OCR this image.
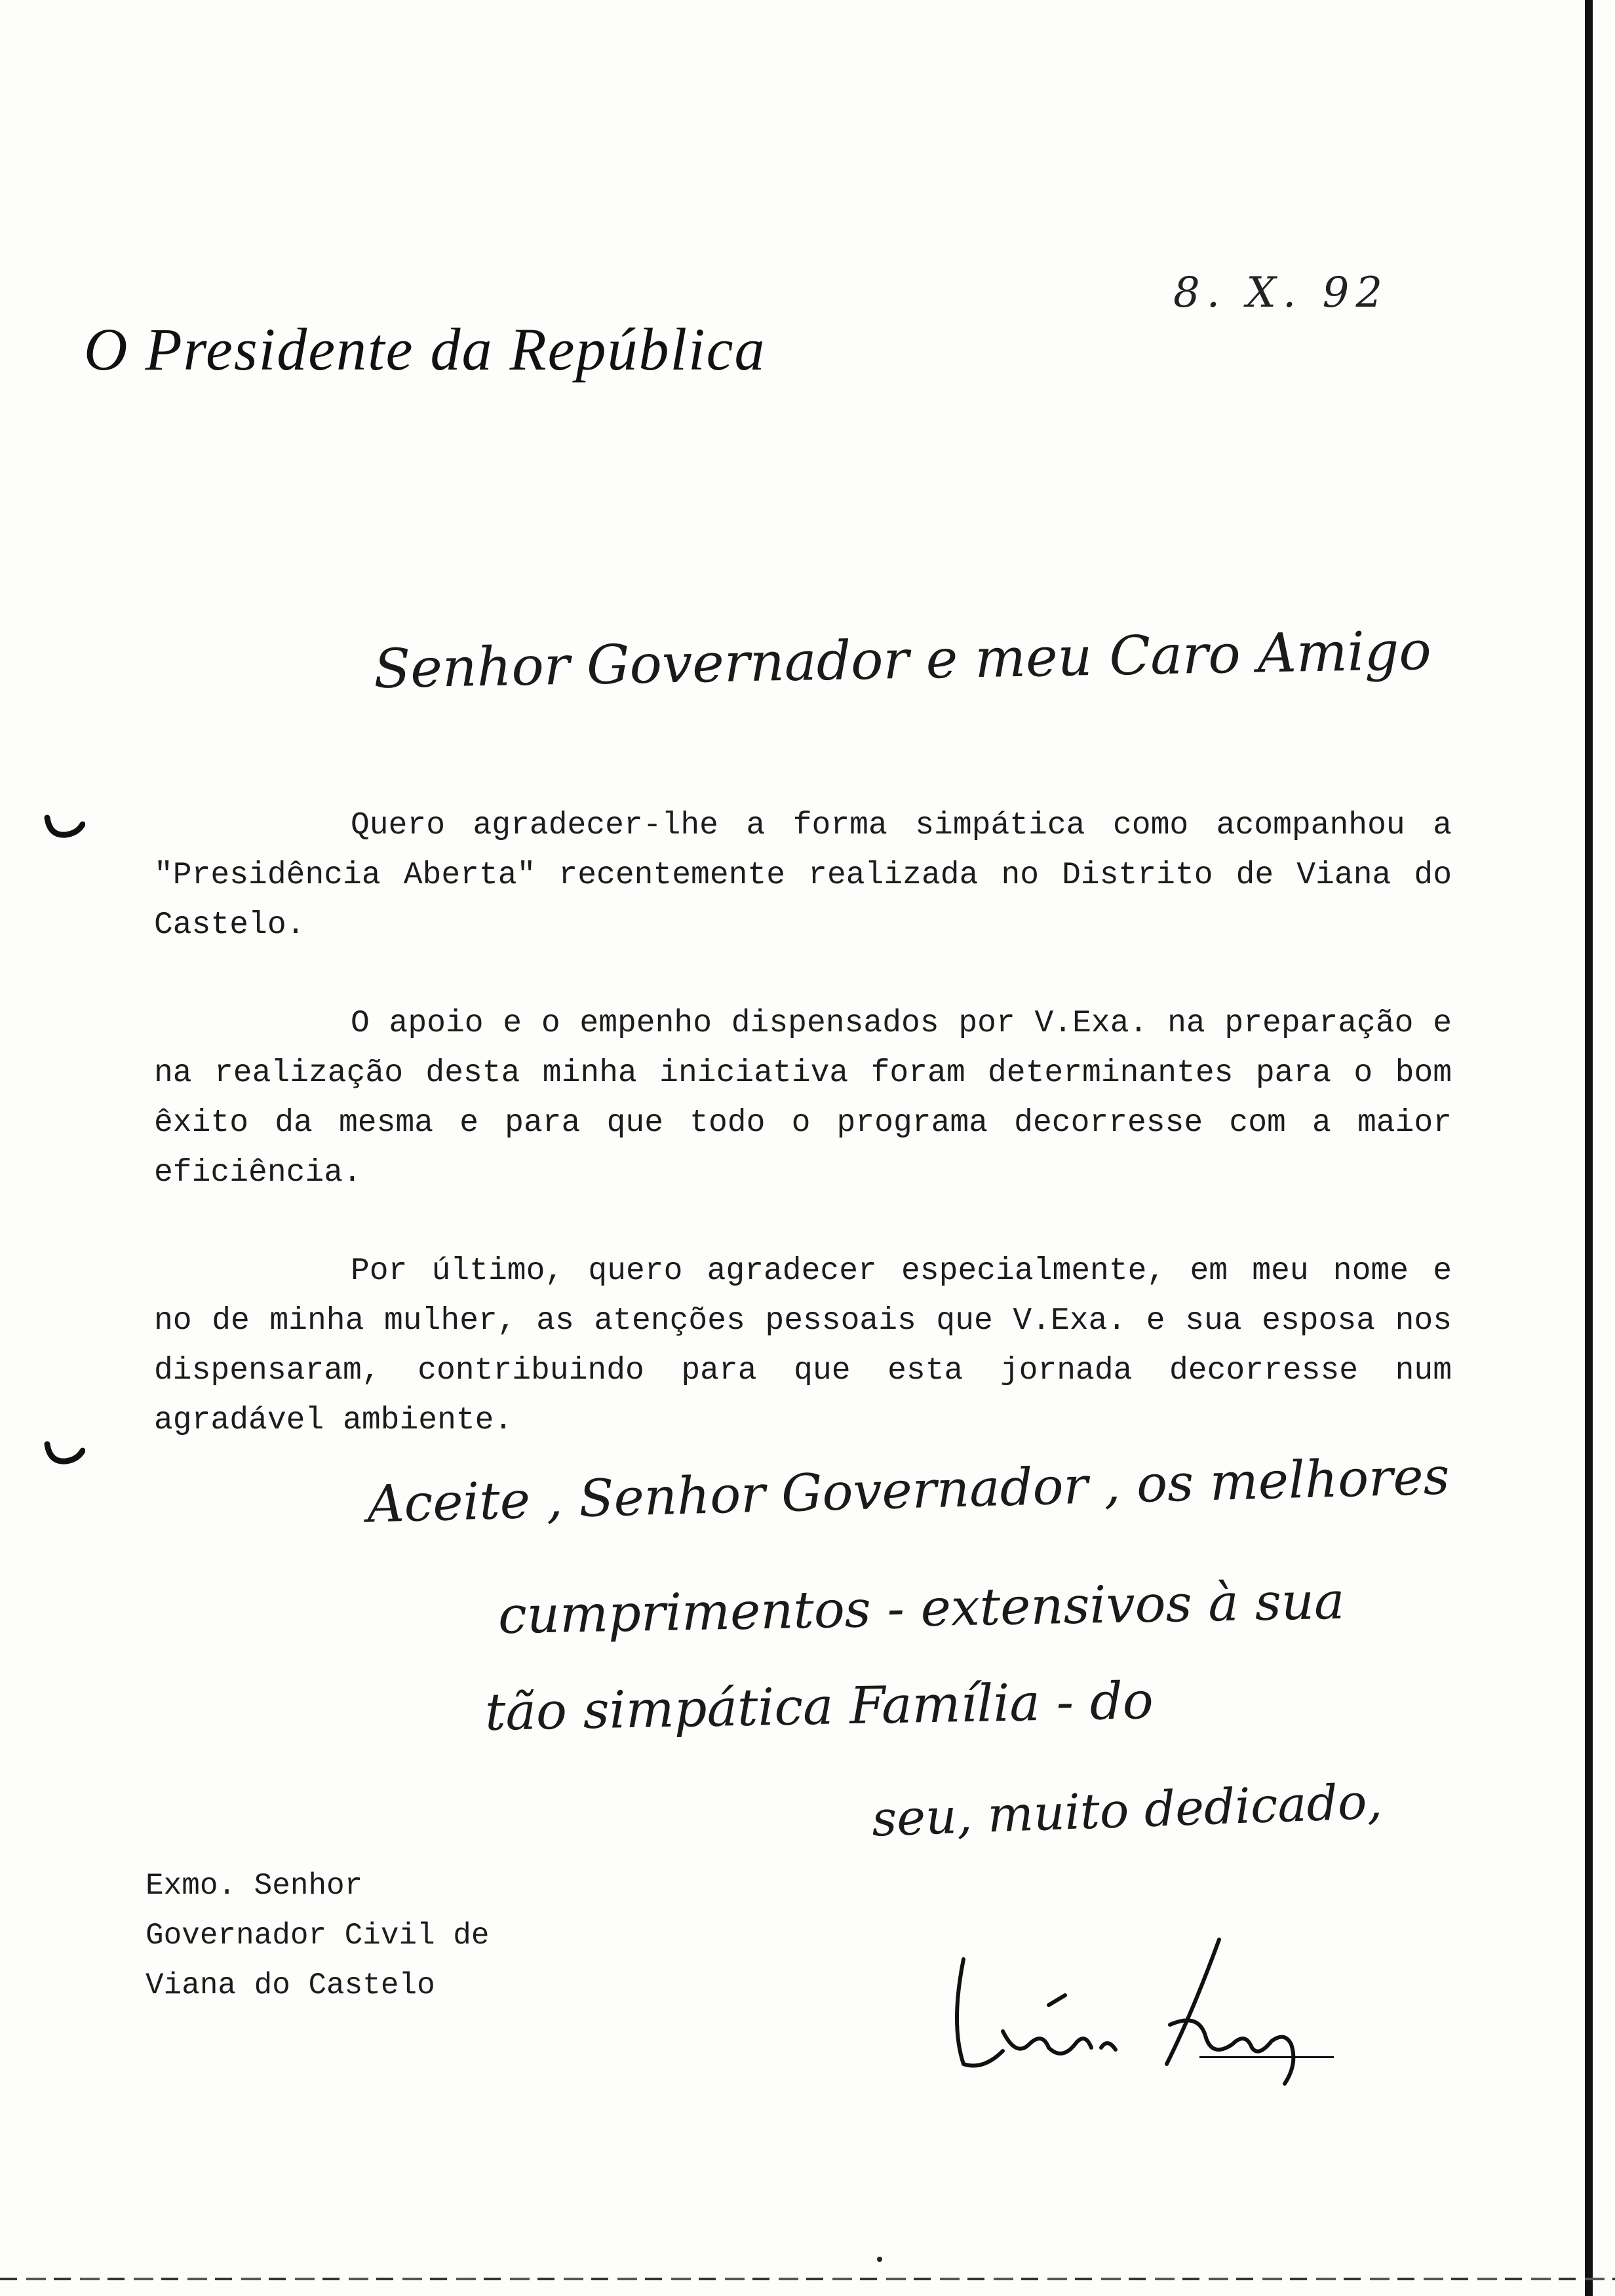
8. X. 92
O Presidente da República
Senhor Governador e meu Caro Amigo

Quero agradecer-lhe a forma simpática como acompanhou a "Presidência Aberta" recentemente realizada no Distrito de Viana do Castelo.

O apoio e o empenho dispensados por V.Exa. na preparação e na realização desta minha iniciativa foram determinantes para o bom êxito da mesma e para que todo o programa decorresse com a maior eficiência.

Por último, quero agradecer especialmente, em meu nome e no de minha mulher, as atenções pessoais que V.Exa. e sua esposa nos dispensaram, contribuindo para que esta jornada decorresse num agradável ambiente.

Aceite , Senhor Governador , os melhores
cumprimentos - extensivos à sua
tão simpática Família - do
seu, muito dedicado,
Exmo. Senhor
Governador Civil de
Viana do Castelo
